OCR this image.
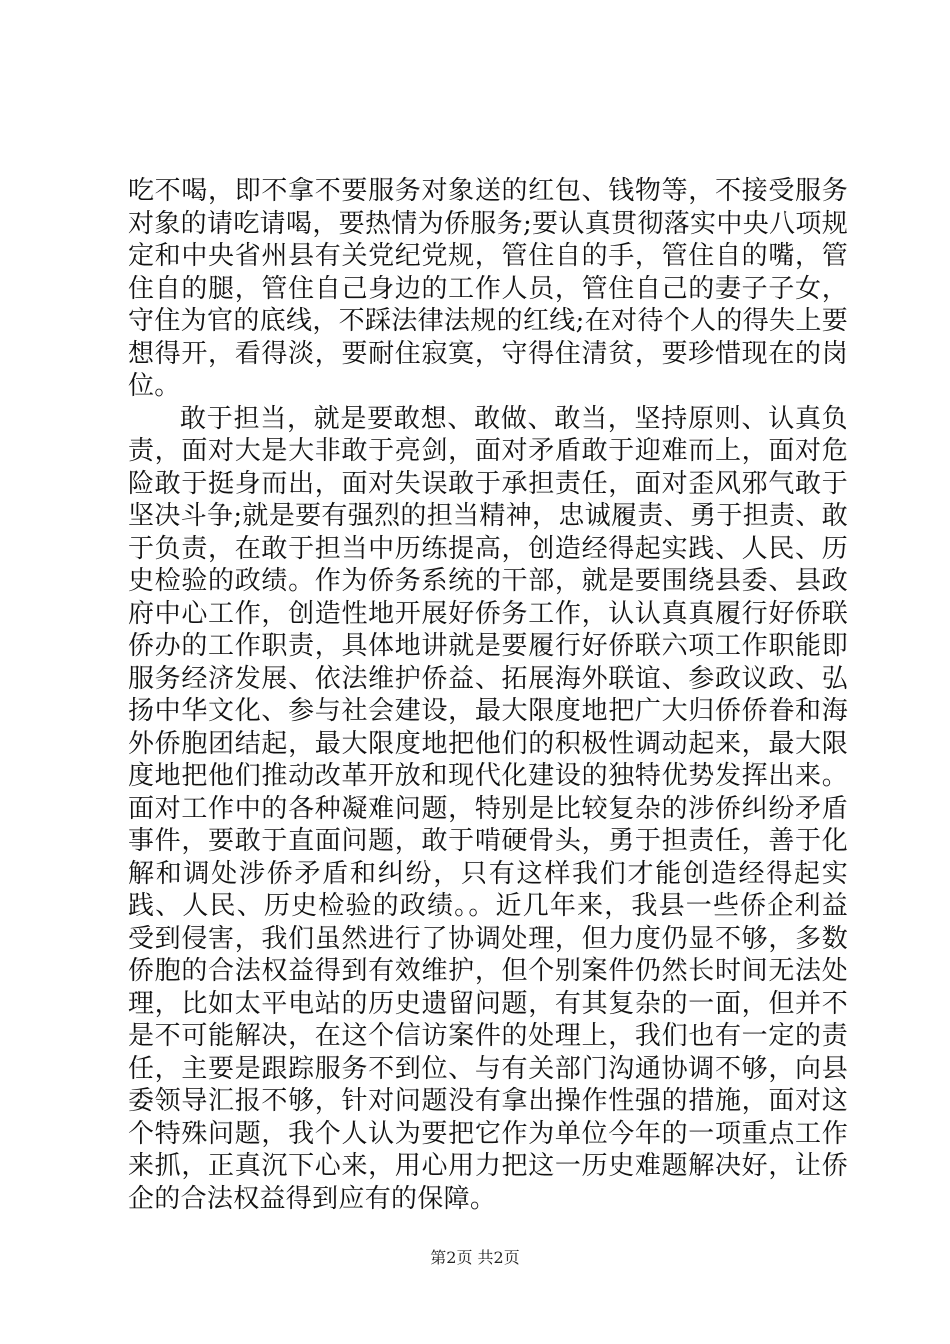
吃不喝，即不拿不要服务对象送的红包、钱物等，不接受服务对象的请吃请喝，要热情为侨服务;要认真贯彻落实中央八项规定和中央省州县有关党纪党规，管住自的手，管住自的嘴，管住自的腿，管住自己身边的工作人员，管住自己的妻子子女，守住为官的底线，不踩法律法规的红线;在对待个人的得失上要想得开，看得淡，要耐住寂寞，守得住清贫，要珍惜现在的岗位。

敢于担当，就是要敢想、敢做、敢当，坚持原则、认真负责，面对大是大非敢于亮剑，面对矛盾敢于迎难而上，面对危险敢于挺身而出，面对失误敢于承担责任，面对歪风邪气敢于坚决斗争;就是要有强烈的担当精神，忠诚履责、勇于担责、敢于负责，在敢于担当中历练提高，创造经得起实践、人民、历史检验的政绩。作为侨务系统的干部，就是要围绕县委、县政府中心工作，创造性地开展好侨务工作，认认真真履行好侨联侨办的工作职责，具体地讲就是要履行好侨联六项工作职能即服务经济发展、依法维护侨益、拓展海外联谊、参政议政、弘扬中华文化、参与社会建设，最大限度地把广大归侨侨眷和海外侨胞团结起，最大限度地把他们的积极性调动起来，最大限度地把他们推动改革开放和现代化建设的独特优势发挥出来。面对工作中的各种凝难问题，特别是比较复杂的涉侨纠纷矛盾事件，要敢于直面问题，敢于啃硬骨头，勇于担责任，善于化解和调处涉侨矛盾和纠纷，只有这样我们才能创造经得起实践、人民、历史检验的政绩。。近几年来，我县一些侨企利益受到侵害，我们虽然进行了协调处理，但力度仍显不够，多数侨胞的合法权益得到有效维护，但个别案件仍然长时间无法处理，比如太平电站的历史遗留问题，有其复杂的一面，但并不是不可能解决，在这个信访案件的处理上，我们也有一定的责任，主要是跟踪服务不到位、与有关部门沟通协调不够，向县委领导汇报不够，针对问题没有拿出操作性强的措施，面对这个特殊问题，我个人认为要把它作为单位今年的一项重点工作来抓，正真沉下心来，用心用力把这一历史难题解决好，让侨企的合法权益得到应有的保障。

第2页 共2页
